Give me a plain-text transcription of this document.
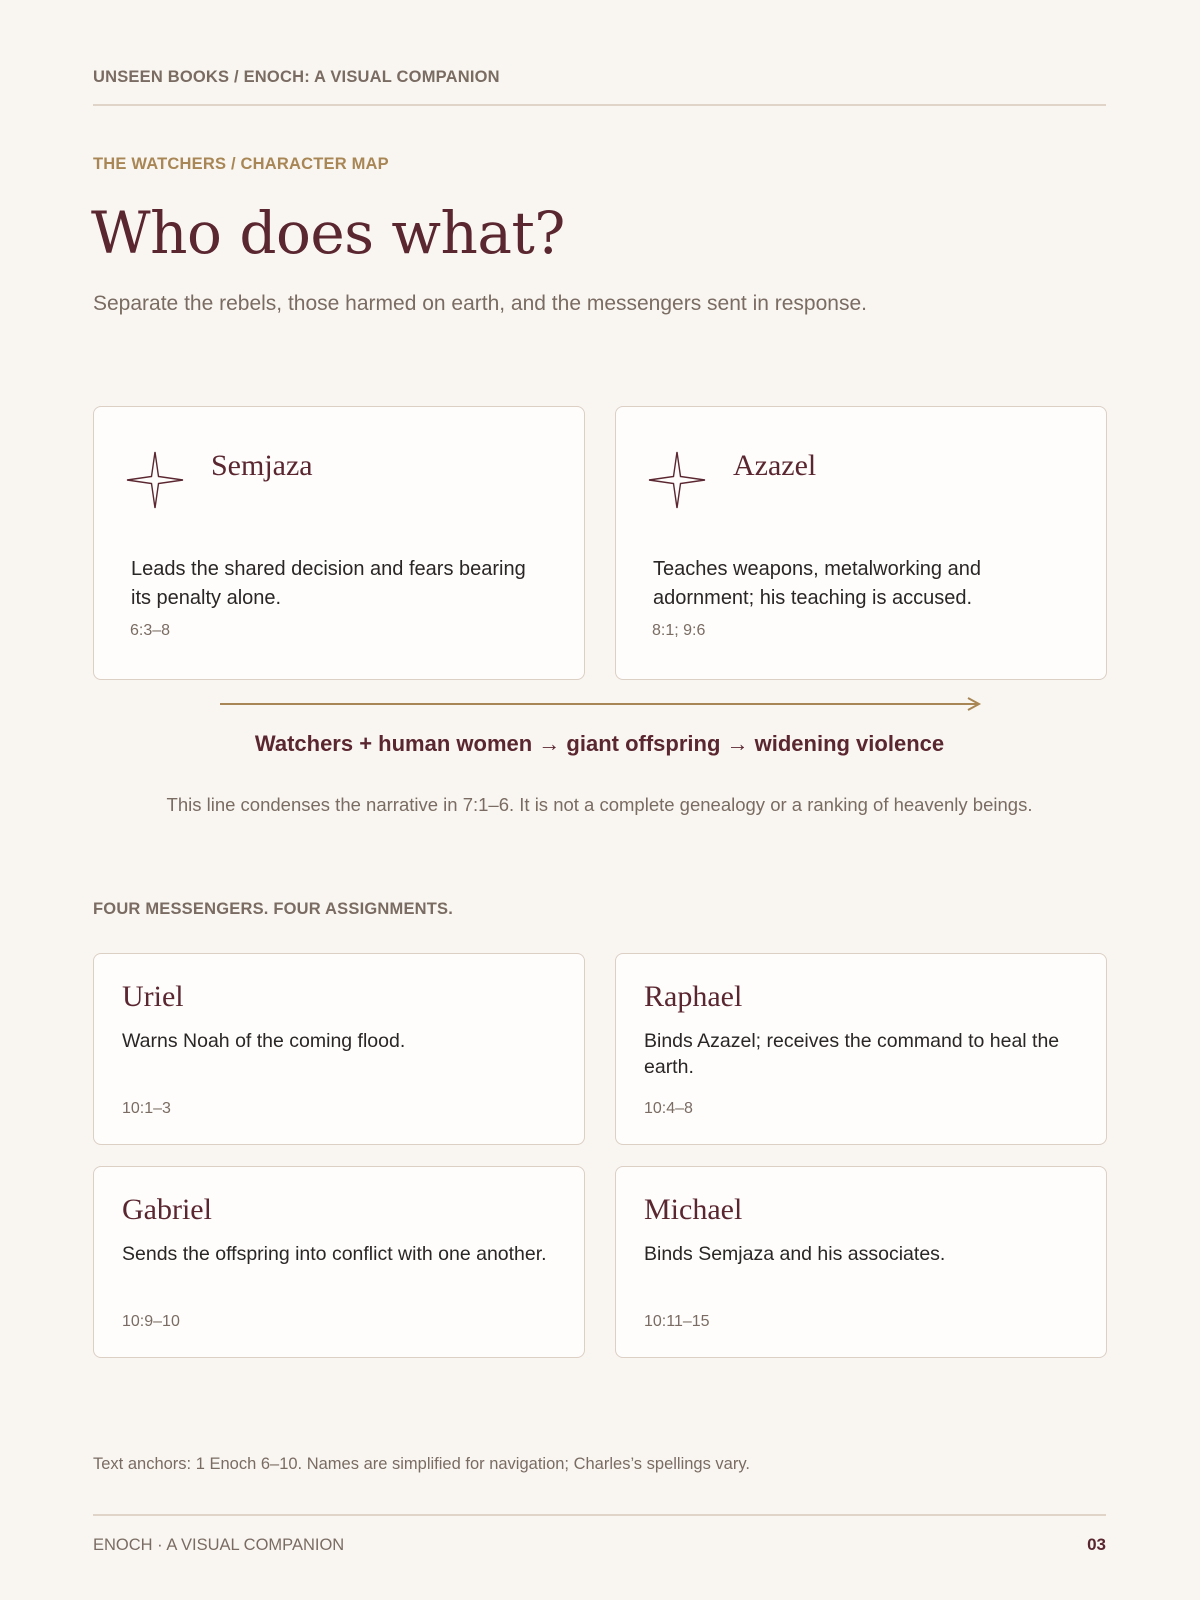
UNSEEN BOOKS / ENOCH: A VISUAL COMPANION
THE WATCHERS / CHARACTER MAP
Who does what?

Separate the rebels, those harmed on earth, and the messengers sent in response.

Semjaza

Leads the shared decision and fears bearing its penalty alone.

6:3–8
Azazel

Teaches weapons, metalworking and adornment; his teaching is accused.

8:1; 9:6
Watchers + human women → giant offspring → widening violence
This line condenses the narrative in 7:1–6. It is not a complete genealogy or a ranking of heavenly beings.
FOUR MESSENGERS. FOUR ASSIGNMENTS.
Uriel

Warns Noah of the coming flood.

10:1–3
Raphael

Binds Azazel; receives the command to heal the earth.

10:4–8
Gabriel

Sends the offspring into conflict with one another.

10:9–10
Michael

Binds Semjaza and his associates.

10:11–15
Text anchors: 1 Enoch 6–10. Names are simplified for navigation; Charles’s spellings vary.
ENOCH · A VISUAL COMPANION	03
